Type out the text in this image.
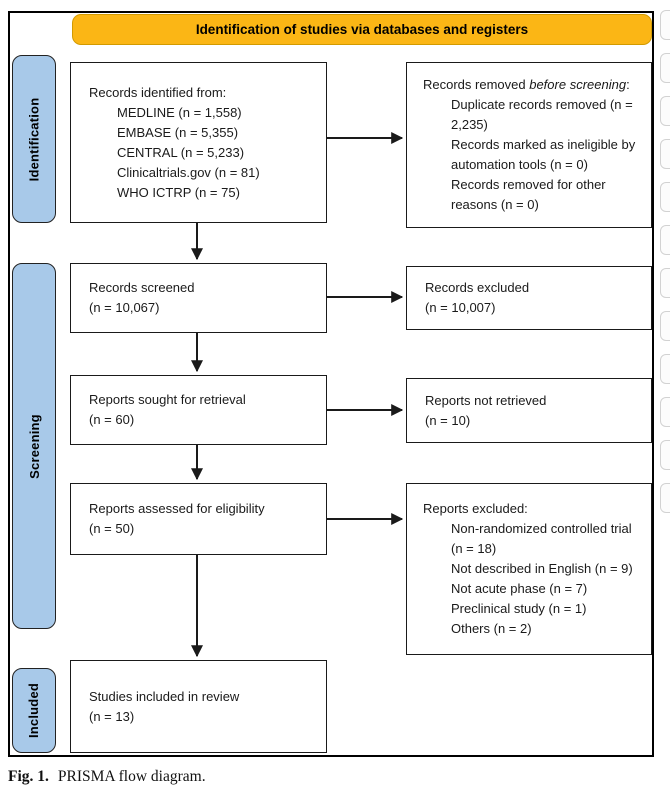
Identification of studies via databases and registers
Identification
Screening
Included
Records identified from:
MEDLINE (n = 1,558)
EMBASE (n = 5,355)
CENTRAL (n = 5,233)
Clinicaltrials.gov (n = 81)
WHO ICTRP (n = 75)
Records removed before screening:
Duplicate records removed (n = 2,235)
Records marked as ineligible by automation tools (n = 0)
Records removed for other reasons (n = 0)
Records screened
(n = 10,067)
Records excluded
(n = 10,007)
Reports sought for retrieval
(n = 60)
Reports not retrieved
(n = 10)
Reports assessed for eligibility
(n = 50)
Reports excluded:
Non-randomized controlled trial (n = 18)
Not described in English (n = 9)
Not acute phase (n = 7)
Preclinical study (n = 1)
Others (n = 2)
Studies included in review
(n = 13)
Fig. 1. PRISMA flow diagram.
